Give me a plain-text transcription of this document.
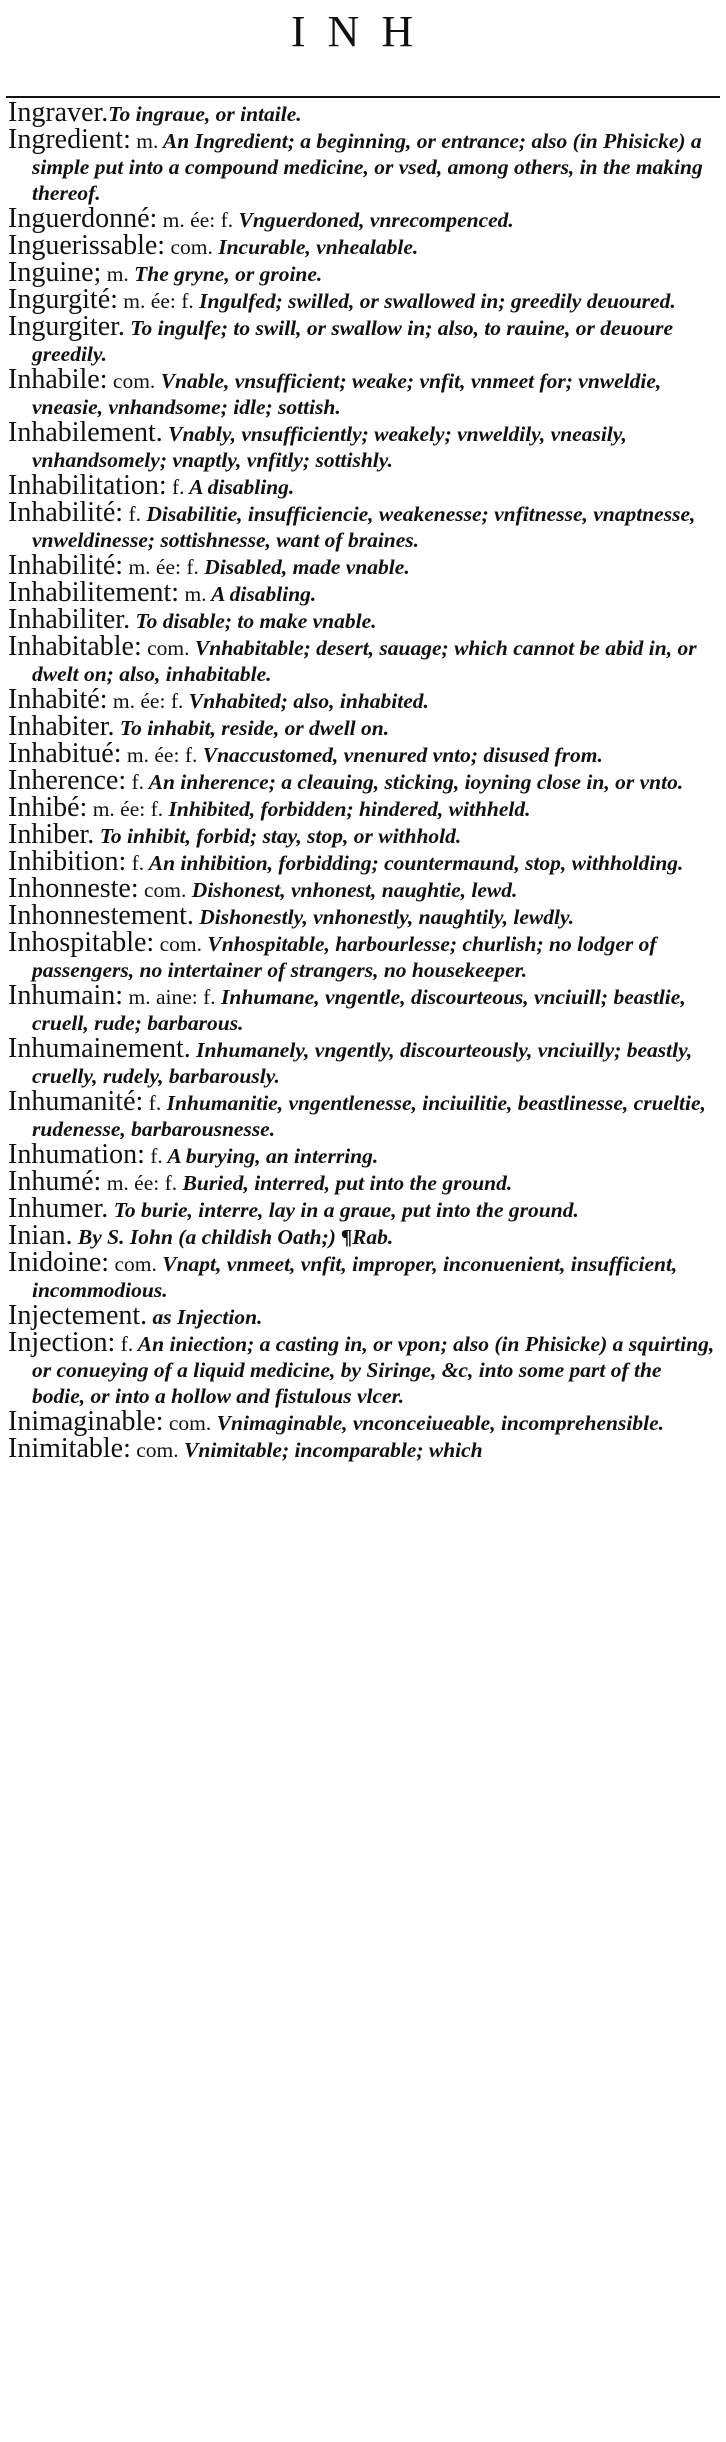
INH

Ingraver.To ingraue, or intaile.

Ingredient: m. An Ingredient; a beginning, or entrance; also (in Phisicke) a simple put into a compound medicine, or vsed, among others, in the making thereof.

Inguerdonné: m. ée: f. Vnguerdoned, vnrecompenced.

Inguerissable: com. Incurable, vnhealable.

Inguine; m. The gryne, or groine.

Ingurgité: m. ée: f. Ingulfed; swilled, or swallowed in; greedily deuoured.

Ingurgiter. To ingulfe; to swill, or swallow in; also, to rauine, or deuoure greedily.

Inhabile: com. Vnable, vnsufficient; weake; vnfit, vnmeet for; vnweldie, vneasie, vnhandsome; idle; sottish.

Inhabilement. Vnably, vnsufficiently; weakely; vnweldily, vneasily, vnhandsomely; vnaptly, vnfitly; sottishly.

Inhabilitation: f. A disabling.

Inhabilité: f. Disabilitie, insufficiencie, weakenesse; vnfitnesse, vnaptnesse, vnweldinesse; sottishnesse, want of braines.

Inhabilité: m. ée: f. Disabled, made vnable.

Inhabilitement: m. A disabling.

Inhabiliter. To disable; to make vnable.

Inhabitable: com. Vnhabitable; desert, sauage; which cannot be abid in, or dwelt on; also, inhabitable.

Inhabité: m. ée: f. Vnhabited; also, inhabited.

Inhabiter. To inhabit, reside, or dwell on.

Inhabitué: m. ée: f. Vnaccustomed, vnenured vnto; disused from.

Inherence: f. An inherence; a cleauing, sticking, ioyning close in, or vnto.

Inhibé: m. ée: f. Inhibited, forbidden; hindered, withheld.

Inhiber. To inhibit, forbid; stay, stop, or withhold.

Inhibition: f. An inhibition, forbidding; countermaund, stop, withholding.

Inhonneste: com. Dishonest, vnhonest, naughtie, lewd.

Inhonnestement. Dishonestly, vnhonestly, naughtily, lewdly.

Inhospitable: com. Vnhospitable, harbourlesse; churlish; no lodger of passengers, no intertainer of strangers, no housekeeper.

Inhumain: m. aine: f. Inhumane, vngentle, discourteous, vnciuill; beastlie, cruell, rude; barbarous.

Inhumainement. Inhumanely, vngently, discourteously, vnciuilly; beastly, cruelly, rudely, barbarously.

Inhumanité: f. Inhumanitie, vngentlenesse, inciuilitie, beastlinesse, crueltie, rudenesse, barbarousnesse.

Inhumation: f. A burying, an interring.

Inhumé: m. ée: f. Buried, interred, put into the ground.

Inhumer. To burie, interre, lay in a graue, put into the ground.

Inian. By S. Iohn (a childish Oath;) ¶Rab.

Inidoine: com. Vnapt, vnmeet, vnfit, improper, inconuenient, insufficient, incommodious.

Injectement. as Injection.

Injection: f. An iniection; a casting in, or vpon; also (in Phisicke) a squirting, or conueying of a liquid medicine, by Siringe, &c, into some part of the bodie, or into a hollow and fistulous vlcer.

Inimaginable: com. Vnimaginable, vnconceiueable, incomprehensible.

Inimitable: com. Vnimitable; incomparable; which
